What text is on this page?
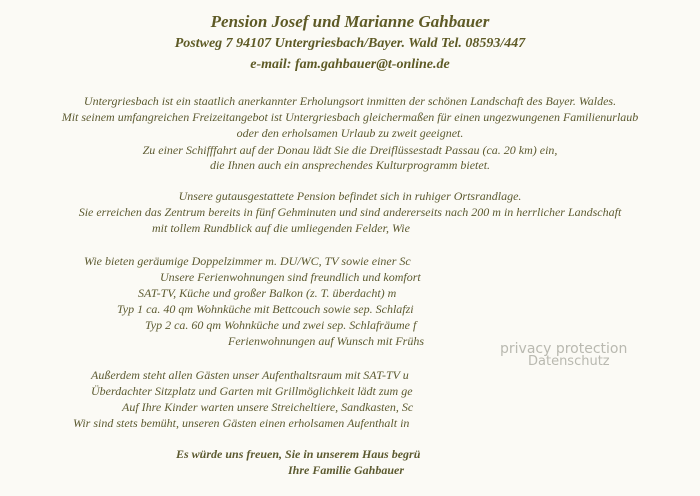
Pension Josef und Marianne Gahbauer
Postweg 7 94107 Untergriesbach/Bayer. Wald Tel. 08593/447
e-mail: fam.gahbauer@t-online.de
Untergriesbach ist ein staatlich anerkannter Erholungsort inmitten der schönen Landschaft des Bayer. Waldes.
Mit seinem umfangreichen Freizeitangebot ist Untergriesbach gleichermaßen für einen ungezwungenen Familienurlaub
oder den erholsamen Urlaub zu zweit geeignet.
Zu einer Schifffahrt auf der Donau lädt Sie die Dreiflüssestadt Passau (ca. 20 km) ein,
die Ihnen auch ein ansprechendes Kulturprogramm bietet.
Unsere gutausgestattete Pension befindet sich in ruhiger Ortsrandlage.
Sie erreichen das Zentrum bereits in fünf Gehminuten und sind andererseits nach 200 m in herrlicher Landschaft
mit tollem Rundblick auf die umliegenden Felder, Wie
Wie bieten geräumige Doppelzimmer m. DU/WC, TV sowie einer Sc
Unsere Ferienwohnungen sind freundlich und komfort
SAT-TV, Küche und großer Balkon (z. T. überdacht) m
Typ 1 ca. 40 qm Wohnküche mit Bettcouch sowie sep. Schlafzi
Typ 2 ca. 60 qm Wohnküche und zwei sep. Schlafräume f
Ferienwohnungen auf Wunsch mit Frühs
Außerdem steht allen Gästen unser Aufenthaltsraum mit SAT-TV u
Überdachter Sitzplatz und Garten mit Grillmöglichkeit lädt zum ge
Auf Ihre Kinder warten unsere Streicheltiere, Sandkasten, Sc
Wir sind stets bemüht, unseren Gästen einen erholsamen Aufenthalt in
Es würde uns freuen, Sie in unserem Haus begrü
Ihre Familie Gahbauer
privacy protection
Datenschutz
